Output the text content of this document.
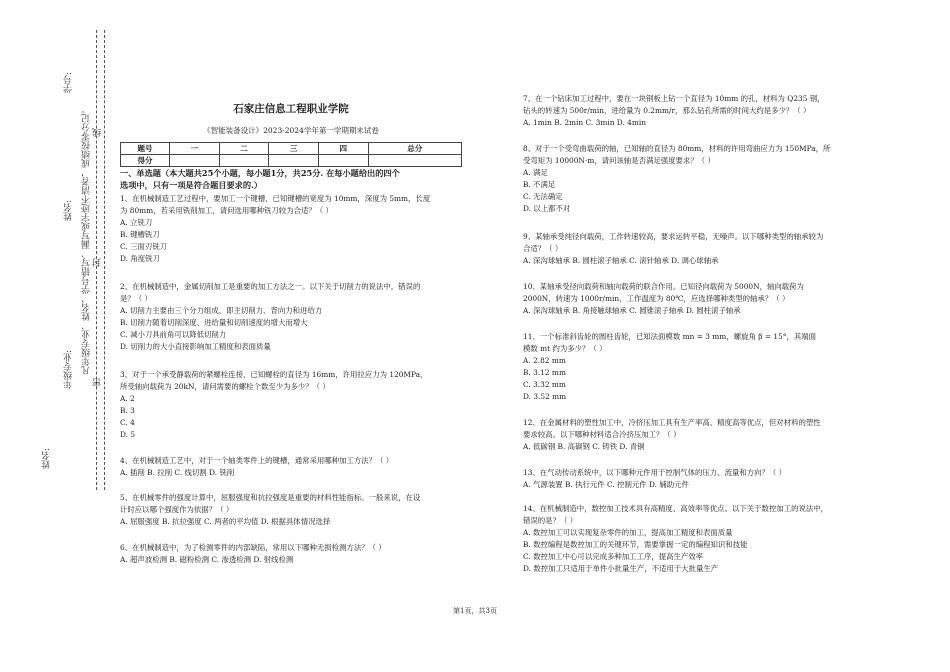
姓名:
年级专业:
姓名:
学号:
凡年级专业、姓名、学号错写、漏写或字迹不清者，成绩按零分记。
密
封
线
石家庄信息工程职业学院
《智能装备设计》2023-2024学年第一学期期末试卷
题号	一	二	三	四	总分
得分					
一、单选题（本大题共25个小题，每小题1分，共25分. 在每小题给出的四个
选项中，只有一项是符合题目要求的.）
1、在机械制造工艺过程中，要加工一个键槽，已知键槽的宽度为 10mm，深度为 5mm，长度
为 80mm，若采用铣削加工，请问选用哪种铣刀较为合适？（ ）
A. 立铣刀
B. 键槽铣刀
C. 三面刃铣刀
D. 角度铣刀
2、在机械制造中，金属切削加工是重要的加工方法之一。以下关于切削力的说法中，错误的
是？（ ）
A. 切削力主要由三个分力组成，即主切削力、背向力和进给力
B. 切削力随着切削深度、进给量和切削速度的增大而增大
C. 减小刀具前角可以降低切削力
D. 切削力的大小直接影响加工精度和表面质量
3、对于一个承受静载荷的紧螺栓连接，已知螺栓的直径为 16mm，许用拉应力为 120MPa，
所受轴向载荷为 20kN，请问需要的螺栓个数至少为多少？（ ）
A. 2
B. 3
C. 4
D. 5
4、在机械制造工艺中，对于一个轴类零件上的键槽，通常采用哪种加工方法？（ ）
A. 插削 B. 拉削 C. 线切割 D. 铣削
5、在机械零件的强度计算中，屈服强度和抗拉强度是重要的材料性能指标。一般来说，在设
计时应以哪个强度作为依据？（ ）
A. 屈服强度 B. 抗拉强度 C. 两者的平均值 D. 根据具体情况选择
6、在机械制造中，为了检测零件的内部缺陷，常用以下哪种无损检测方法？（ ）
A. 超声波检测 B. 磁粉检测 C. 渗透检测 D. 射线检测
7、在一个钻床加工过程中，要在一块钢板上钻一个直径为 10mm 的孔，材料为 Q235 钢，
钻头的转速为 500r/min，进给量为 0.2mm/r，那么钻孔所需的时间大约是多少？（ ）
A. 1min B. 2min C. 3min D. 4min
8、对于一个受弯曲载荷的轴，已知轴的直径为 80mm，材料的许用弯曲应力为 150MPa，所
受弯矩为 10000N·m，请问该轴是否满足强度要求？（ ）
A. 满足
B. 不满足
C. 无法确定
D. 以上都不对
9、某轴承受纯径向载荷，工作转速较高，要求运转平稳，无噪声。以下哪种类型的轴承较为
合适？（ ）
A. 深沟球轴承 B. 圆柱滚子轴承 C. 滚针轴承 D. 调心球轴承
10、某轴承受径向载荷和轴向载荷的联合作用。已知径向载荷为 5000N，轴向载荷为
2000N，转速为 1000r/min，工作温度为 80℃，应选择哪种类型的轴承？（ ）
A. 深沟球轴承 B. 角接触球轴承 C. 圆锥滚子轴承 D. 圆柱滚子轴承
11、一个标准斜齿轮的圆柱齿轮，已知法面模数 mn = 3 mm，螺旋角 β = 15°，其端面
模数 mt 约为多少？（ ）
A. 2.82 mm
B. 3.12 mm
C. 3.32 mm
D. 3.52 mm
12、在金属材料的塑性加工中，冷挤压加工具有生产率高、精度高等优点，但对材料的塑性
要求较高。以下哪种材料适合冷挤压加工？（ ）
A. 低碳钢 B. 高碳钢 C. 铸铁 D. 青铜
13、在气动传动系统中，以下哪种元件用于控制气体的压力、流量和方向？（ ）
A. 气源装置 B. 执行元件 C. 控制元件 D. 辅助元件
14、在机械制造中，数控加工技术具有高精度、高效率等优点。以下关于数控加工的说法中，
错误的是？（ ）
A. 数控加工可以实现复杂零件的加工，提高加工精度和表面质量
B. 数控编程是数控加工的关键环节，需要掌握一定的编程知识和技能
C. 数控加工中心可以完成多种加工工序，提高生产效率
D. 数控加工只适用于单件小批量生产，不适用于大批量生产
第1页，共3页
